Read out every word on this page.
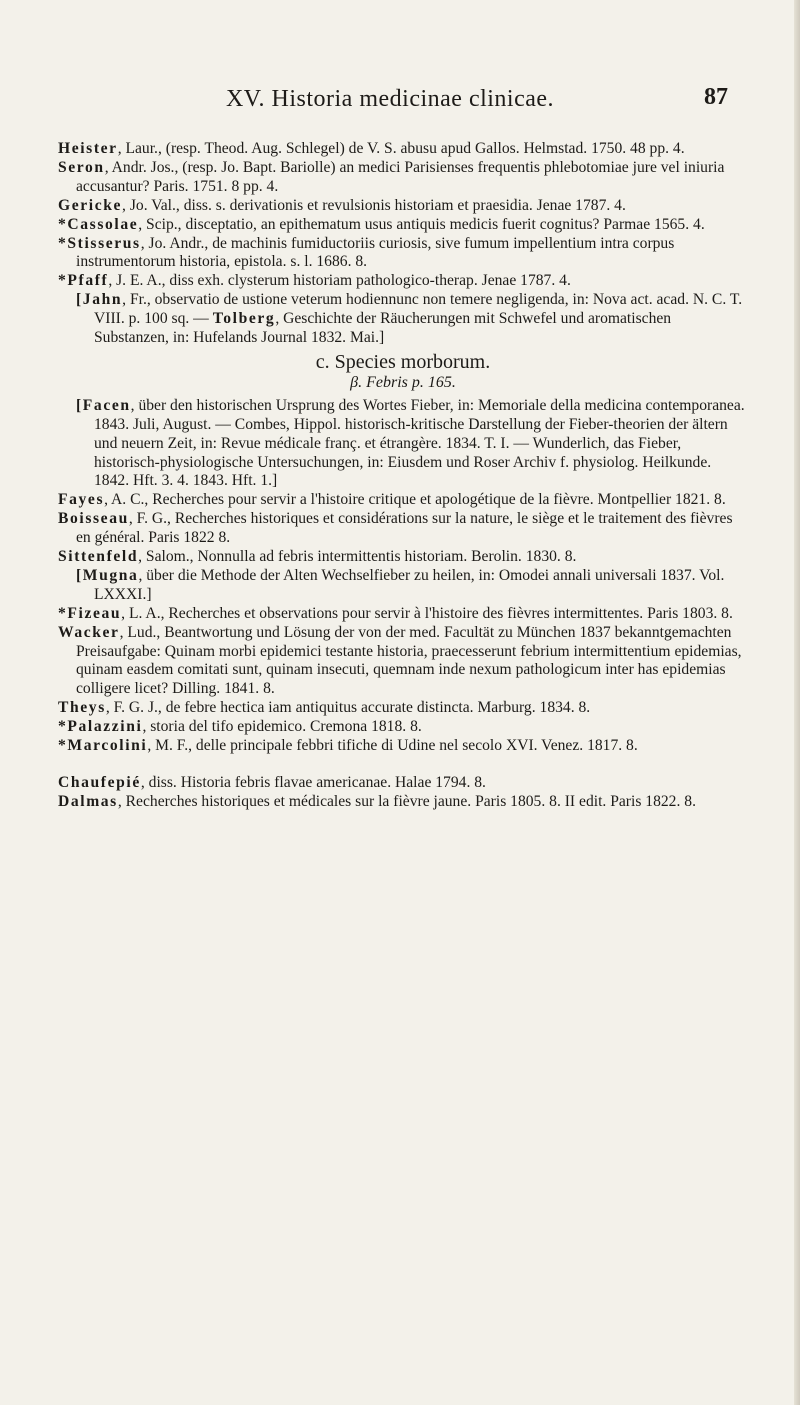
XV. Historia medicinae clinicae.	87

Heister, Laur., (resp. Theod. Aug. Schlegel) de V. S. abusu apud Gallos. Helmstad. 1750. 48 pp. 4.

Seron, Andr. Jos., (resp. Jo. Bapt. Bariolle) an medici Parisienses frequentis phlebotomiae jure vel iniuria accusantur? Paris. 1751. 8 pp. 4.

Gericke, Jo. Val., diss. s. derivationis et revulsionis historiam et praesidia. Jenae 1787. 4.

*Cassolae, Scip., disceptatio, an epithematum usus antiquis medicis fuerit cognitus? Parmae 1565. 4.

*Stisserus, Jo. Andr., de machinis fumiductoriis curiosis, sive fumum impellentium intra corpus instrumentorum historia, epistola. s. l. 1686. 8.

*Pfaff, J. E. A., diss exh. clysterum historiam pathologico-therap. Jenae 1787. 4.

[Jahn, Fr., observatio de ustione veterum hodiennunc non temere negligenda, in: Nova act. acad. N. C. T. VIII. p. 100 sq. — Tolberg, Geschichte der Räucherungen mit Schwefel und aromatischen Substanzen, in: Hufelands Journal 1832. Mai.]

c. Species morborum.
β. Febris p. 165.

[Facen, über den historischen Ursprung des Wortes Fieber, in: Memoriale della medicina contemporanea. 1843. Juli, August. — Combes, Hippol. historisch-kritische Darstellung der Fieber-theorien der ältern und neuern Zeit, in: Revue médicale franç. et étrangère. 1834. T. I. — Wunderlich, das Fieber, historisch-physiologische Untersuchungen, in: Eiusdem und Roser Archiv f. physiolog. Heilkunde. 1842. Hft. 3. 4. 1843. Hft. 1.]

Fayes, A. C., Recherches pour servir a l'histoire critique et apologétique de la fièvre. Montpellier 1821. 8.

Boisseau, F. G., Recherches historiques et considérations sur la nature, le siège et le traitement des fièvres en général. Paris 1822 8.

Sittenfeld, Salom., Nonnulla ad febris intermittentis historiam. Berolin. 1830. 8.

[Mugna, über die Methode der Alten Wechselfieber zu heilen, in: Omodei annali universali 1837. Vol. LXXXI.]

*Fizeau, L. A., Recherches et observations pour servir à l'histoire des fièvres intermittentes. Paris 1803. 8.

Wacker, Lud., Beantwortung und Lösung der von der med. Facultät zu München 1837 bekanntgemachten Preisaufgabe: Quinam morbi epidemici testante historia, praecesserunt febrium intermittentium epidemias, quinam easdem comitati sunt, quinam insecuti, quemnam inde nexum pathologicum inter has epidemias colligere licet? Dilling. 1841. 8.

Theys, F. G. J., de febre hectica iam antiquitus accurate distincta. Marburg. 1834. 8.

*Palazzini, storia del tifo epidemico. Cremona 1818. 8.

*Marcolini, M. F., delle principale febbri tifiche di Udine nel secolo XVI. Venez. 1817. 8.

Chaufepié, diss. Historia febris flavae americanae. Halae 1794. 8.

Dalmas, Recherches historiques et médicales sur la fièvre jaune. Paris 1805. 8. II edit. Paris 1822. 8.
